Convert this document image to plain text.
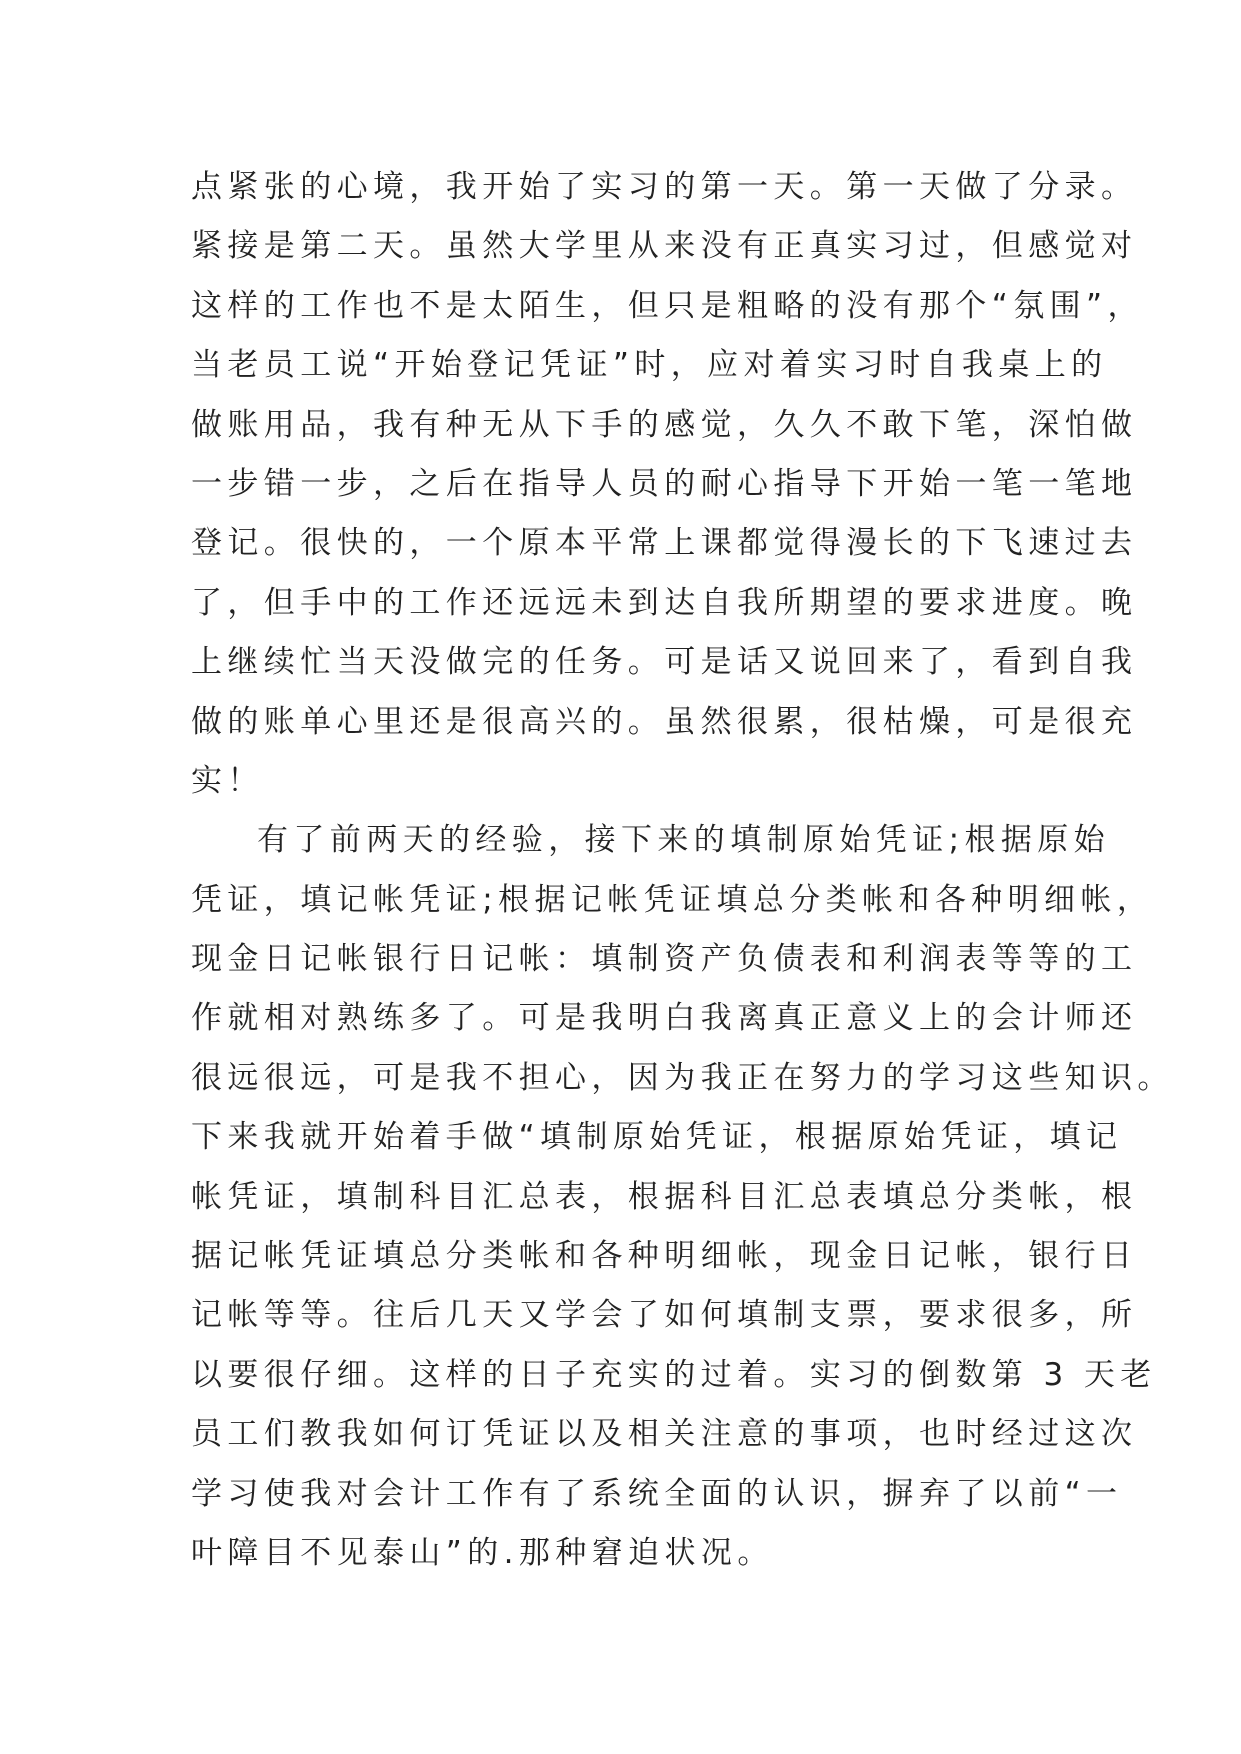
点紧张的心境，我开始了实习的第一天。第一天做了分录。
紧接是第二天。虽然大学里从来没有正真实习过，但感觉对
这样的工作也不是太陌生，但只是粗略的没有那个“氛围”，
当老员工说“开始登记凭证”时，应对着实习时自我桌上的
做账用品，我有种无从下手的感觉，久久不敢下笔，深怕做
一步错一步，之后在指导人员的耐心指导下开始一笔一笔地
登记。很快的，一个原本平常上课都觉得漫长的下飞速过去
了，但手中的工作还远远未到达自我所期望的要求进度。晚
上继续忙当天没做完的任务。可是话又说回来了，看到自我
做的账单心里还是很高兴的。虽然很累，很枯燥，可是很充
实！
有了前两天的经验，接下来的填制原始凭证;根据原始
凭证，填记帐凭证;根据记帐凭证填总分类帐和各种明细帐，
现金日记帐银行日记帐：填制资产负债表和利润表等等的工
作就相对熟练多了。可是我明白我离真正意义上的会计师还
很远很远，可是我不担心，因为我正在努力的学习这些知识。
下来我就开始着手做“填制原始凭证，根据原始凭证，填记
帐凭证，填制科目汇总表，根据科目汇总表填总分类帐，根
据记帐凭证填总分类帐和各种明细帐，现金日记帐，银行日
记帐等等。往后几天又学会了如何填制支票，要求很多，所
以要很仔细。这样的日子充实的过着。实习的倒数第 3 天老
员工们教我如何订凭证以及相关注意的事项，也时经过这次
学习使我对会计工作有了系统全面的认识，摒弃了以前“一
叶障目不见泰山”的.那种窘迫状况。
